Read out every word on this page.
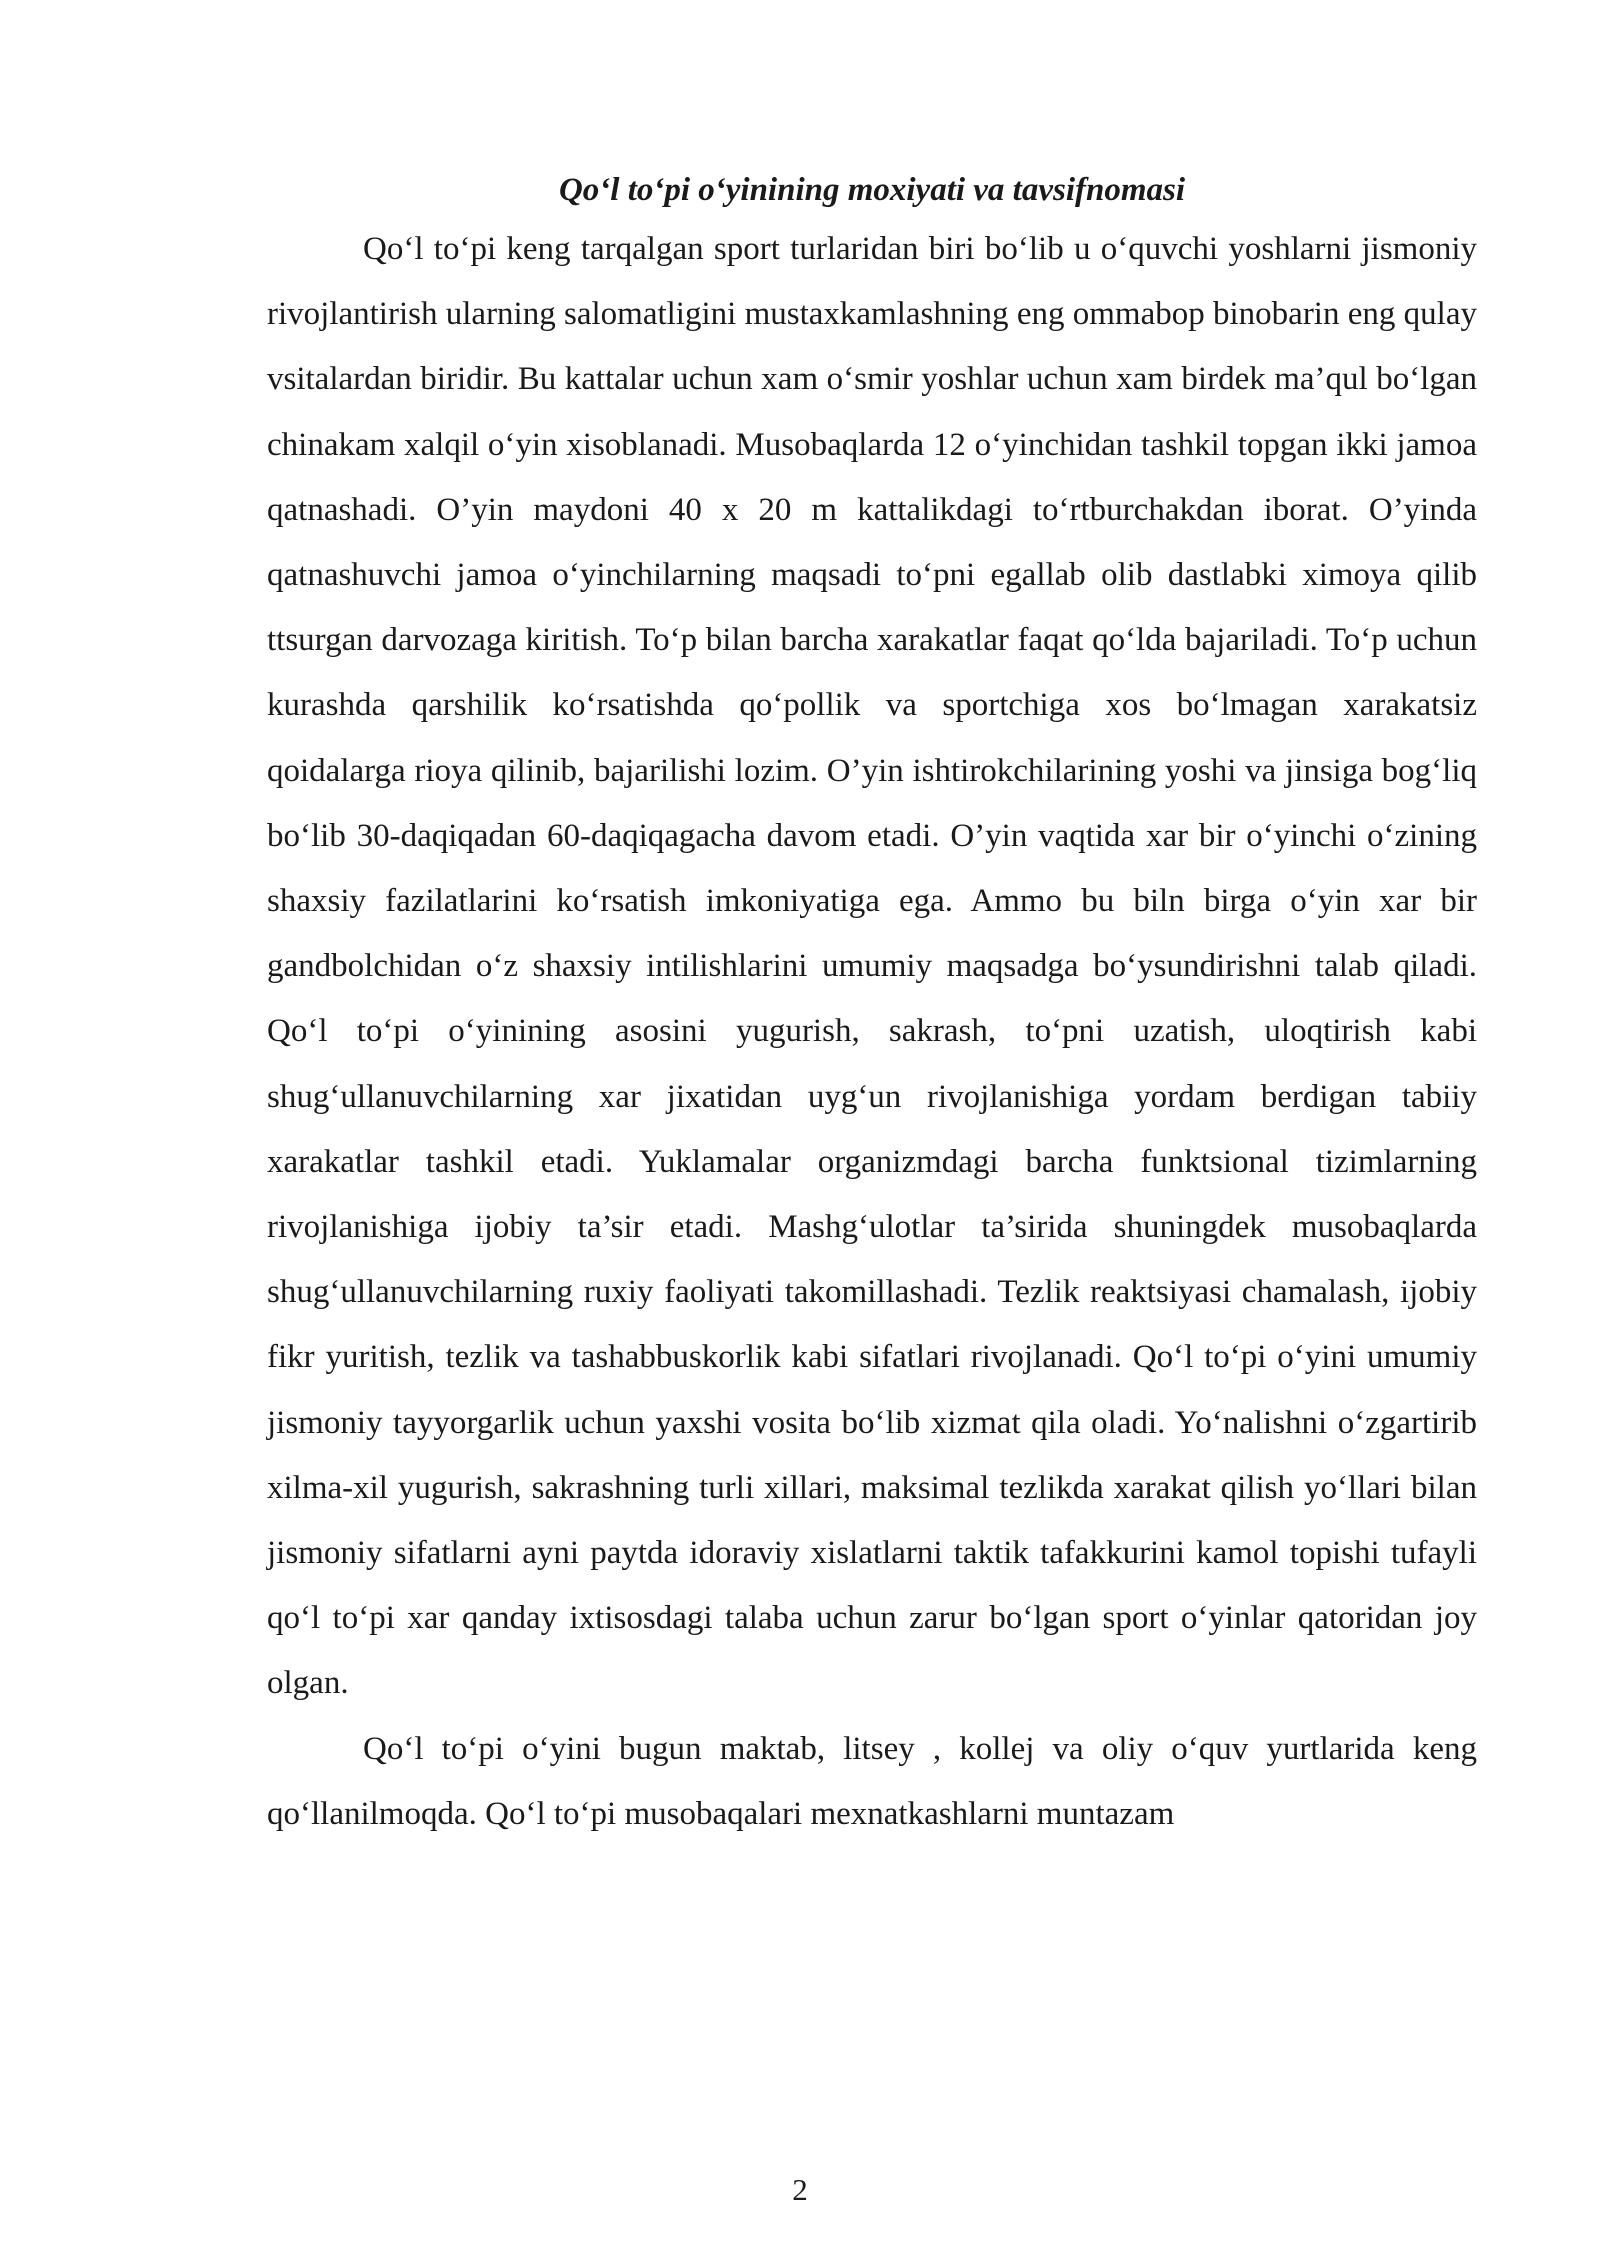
Qo‘l to‘pi o‘yinining moxiyati va tavsifnomasi

Qo‘l to‘pi keng tarqalgan sport turlaridan biri bo‘lib u o‘quvchi yoshlarni jismoniy rivojlantirish ularning salomatligini mustaxkamlashning eng ommabop binobarin eng qulay vsitalardan biridir. Bu kattalar uchun xam o‘smir yoshlar uchun xam birdek ma’qul bo‘lgan chinakam xalqil o‘yin xisoblanadi. Musobaqlarda 12 o‘yinchidan tashkil topgan ikki jamoa qatnashadi. O’yin maydoni 40 x 20 m kattalikdagi to‘rtburchakdan iborat. O’yinda qatnashuvchi jamoa o‘yinchilarning maqsadi to‘pni egallab olib dastlabki ximoya qilib ttsurgan darvozaga kiritish. To‘p bilan barcha xarakatlar faqat qo‘lda bajariladi. To‘p uchun kurashda qarshilik ko‘rsatishda qo‘pollik va sportchiga xos bo‘lmagan xarakatsiz qoidalarga rioya qilinib, bajarilishi lozim. O’yin ishtirokchilarining yoshi va jinsiga bog‘liq bo‘lib 30-daqiqadan 60-daqiqagacha davom etadi. O’yin vaqtida xar bir o‘yinchi o‘zining shaxsiy fazilatlarini ko‘rsatish imkoniyatiga ega. Ammo bu biln birga o‘yin xar bir gandbolchidan o‘z shaxsiy intilishlarini umumiy maqsadga bo‘ysundirishni talab qiladi. Qo‘l to‘pi o‘yinining asosini yugurish, sakrash, to‘pni uzatish, uloqtirish kabi shug‘ullanuvchilarning xar jixatidan uyg‘un rivojlanishiga yordam berdigan tabiiy xarakatlar tashkil etadi. Yuklamalar organizmdagi barcha funktsional tizimlarning rivojlanishiga ijobiy ta’sir etadi. Mashg‘ulotlar ta’sirida shuningdek musobaqlarda shug‘ullanuvchilarning ruxiy faoliyati takomillashadi. Tezlik reaktsiyasi chamalash, ijobiy fikr yuritish, tezlik va tashabbuskorlik kabi sifatlari rivojlanadi. Qo‘l to‘pi o‘yini umumiy jismoniy tayyorgarlik uchun yaxshi vosita bo‘lib xizmat qila oladi. Yo‘nalishni o‘zgartirib xilma-xil yugurish, sakrashning turli xillari, maksimal tezlikda xarakat qilish yo‘llari bilan jismoniy sifatlarni ayni paytda idoraviy xislatlarni taktik tafakkurini kamol topishi tufayli qo‘l to‘pi xar qanday ixtisosdagi talaba uchun zarur bo‘lgan sport o‘yinlar qatoridan joy olgan.

Qo‘l to‘pi o‘yini bugun maktab, litsey , kollej va oliy o‘quv yurtlarida keng qo‘llanilmoqda. Qo‘l to‘pi musobaqalari mexnatkashlarni muntazam

2
